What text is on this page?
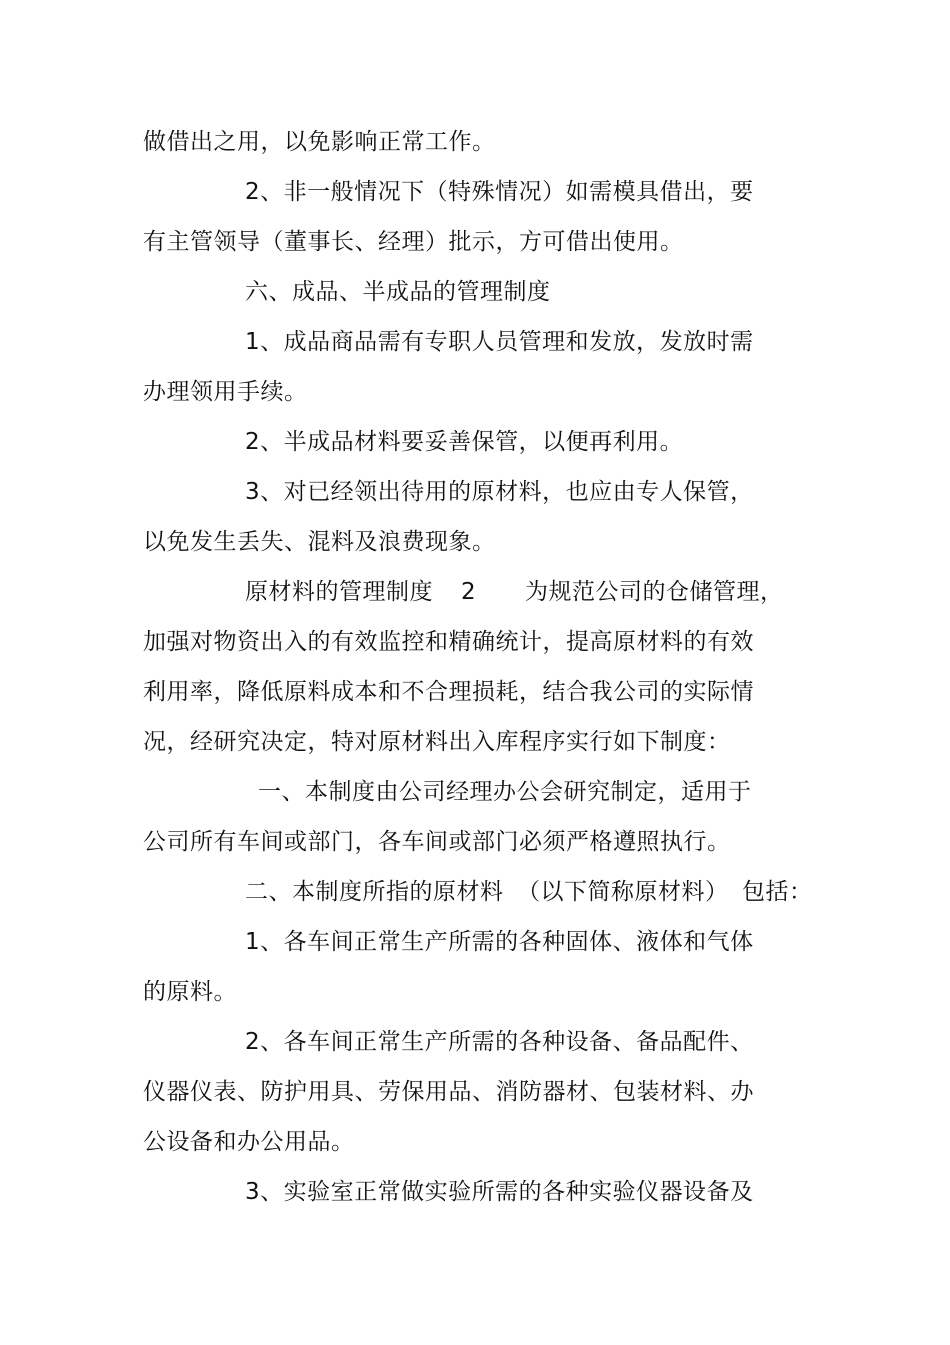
做借出之用，以免影响正常工作。
2、非一般情况下（特殊情况）如需模具借出，要
有主管领导（董事长、经理）批示，方可借出使用。
六、成品、半成品的管理制度
1、成品商品需有专职人员管理和发放，发放时需
办理领用手续。
2、半成品材料要妥善保管，以便再利用。
3、对已经领出待用的原材料，也应由专人保管，
以免发生丢失、混料及浪费现象。
原材料的管理制度 2 为规范公司的仓储管理，
加强对物资出入的有效监控和精确统计，提高原材料的有效
利用率，降低原料成本和不合理损耗，结合我公司的实际情
况，经研究决定，特对原材料出入库程序实行如下制度：
一、本制度由公司经理办公会研究制定，适用于
公司所有车间或部门，各车间或部门必须严格遵照执行。
二、本制度所指的原材料 （以下简称原材料） 包括：
1、各车间正常生产所需的各种固体、液体和气体
的原料。
2、各车间正常生产所需的各种设备、备品配件、
仪器仪表、防护用具、劳保用品、消防器材、包装材料、办
公设备和办公用品。
3、实验室正常做实验所需的各种实验仪器设备及
